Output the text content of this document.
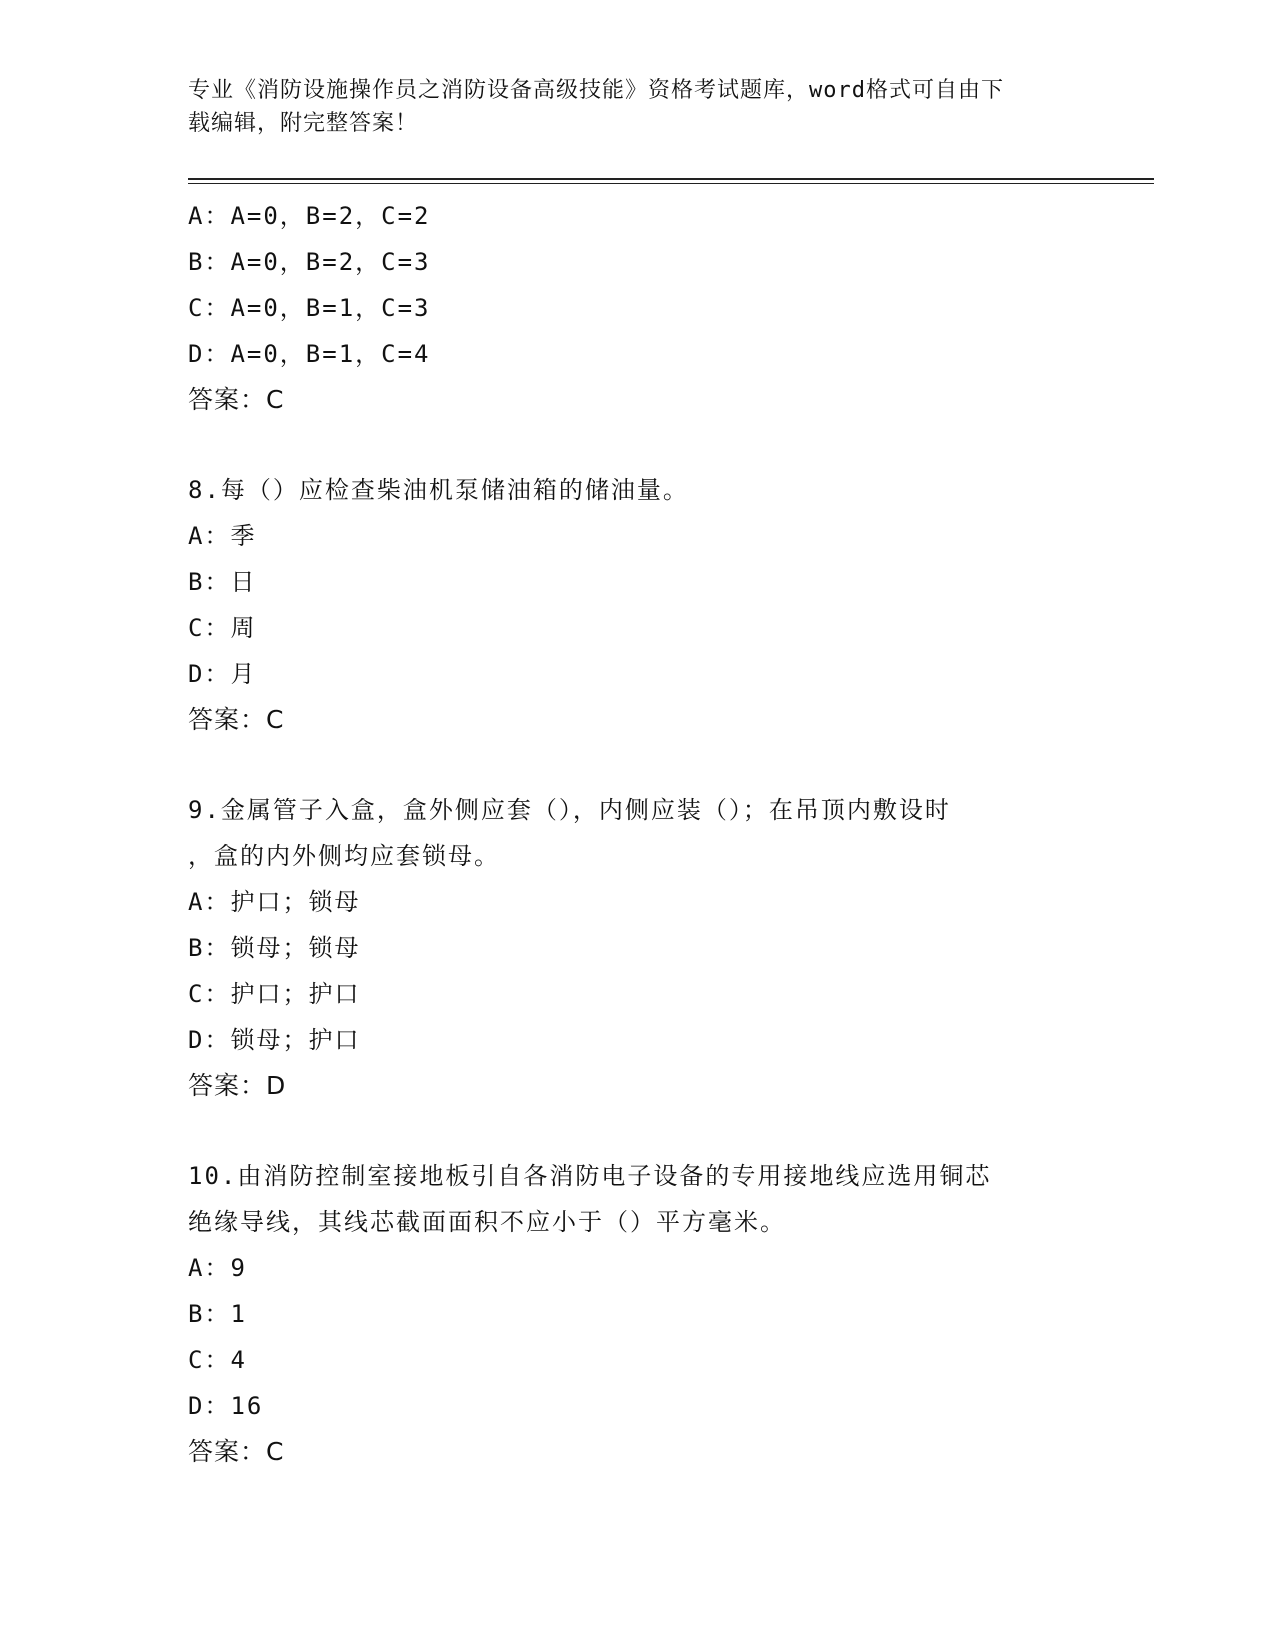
专业《消防设施操作员之消防设备高级技能》资格考试题库，word格式可自由下
载编辑，附完整答案！
A：A=0，B=2，C=2
B：A=0，B=2，C=3
C：A=0，B=1，C=3
D：A=0，B=1，C=4
答案：C
8.每（）应检查柴油机泵储油箱的储油量。
A：季
B：日
C：周
D：月
答案：C
9.金属管子入盒，盒外侧应套（），内侧应装（）；在吊顶内敷设时
，盒的内外侧均应套锁母。
A：护口；锁母
B：锁母；锁母
C：护口；护口
D：锁母；护口
答案：D
10.由消防控制室接地板引自各消防电子设备的专用接地线应选用铜芯
绝缘导线，其线芯截面面积不应小于（）平方毫米。
A：9
B：1
C：4
D：16
答案：C
